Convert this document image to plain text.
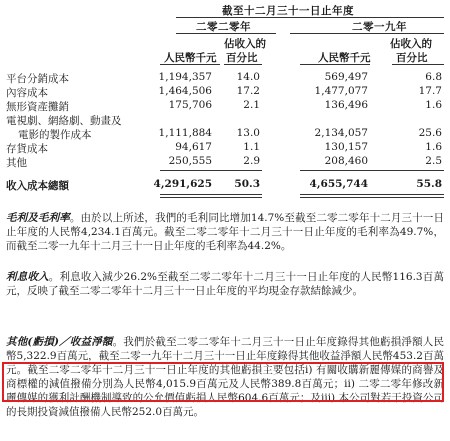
截至十二月三十一日止年度
二零二零年	二零一九年
佔收入的	佔收入的
人民幣千元 百分比	人民幣千元 百分比
平台分銷成本	1,194,357 14.0	569,497	6.8
內容成本	1,464,506 17.2	1,477,077	17.7
無形資產攤銷	175,706	2.1	136,496	1.6
電視劇、網絡劇、動畫及
電影的製作成本	1,111,884 13.0	2,134,057	25.6
存貨成本	94,617	1.1	130,157	1.6
其他	250,555	2.9	208,460	2.5
收入成本總額	4,291,625 50.3	4,655,744	55.8
毛利及毛利率。由於以上所述，我們的毛利同比增加14.7%至截至二零二零年十二月三十一日止年度的人民幣4,234.1百萬元。截至二零二零年十二月三十一日止年度的毛利率為49.7%，而截至二零一九年十二月三十一日止年度的毛利率為44.2%。
利息收入。利息收入減少26.2%至截至二零二零年十二月三十一日止年度的人民幣116.3百萬元，反映了截至二零二零年十二月三十一日止年度的平均現金存款結餘減少。
其他(虧損)／收益淨額。我們於截至二零二零年十二月三十一日止年度錄得其他虧損淨額人民幣5,322.9百萬元，截至二零一九年十二月三十一日止年度錄得其他收益淨額人民幣453.2百萬元。截至二零二零年十二月三十一日止年度的其他虧損主要包括i) 有關收購新麗傳媒的商譽及商標權的減值撥備分別為人民幣4,015.9百萬元及人民幣389.8百萬元；ii) 二零二零年修改新麗傳媒的獲利計酬機制導致的公允價值虧損人民幣604.6百萬元；及iii) 本公司對若干投資公司的長期投資減值撥備人民幣252.0百萬元。
